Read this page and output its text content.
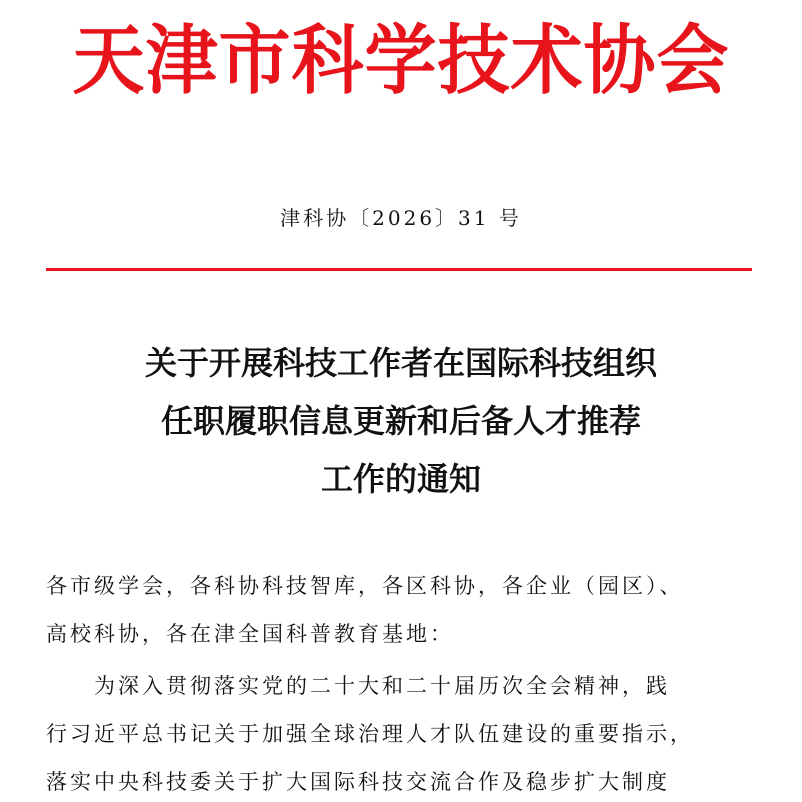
天津市科学技术协会
津科协〔2026〕31 号
关于开展科技工作者在国际科技组织
任职履职信息更新和后备人才推荐
工作的通知
各市级学会，各科协科技智库，各区科协，各企业（园区）、
高校科协，各在津全国科普教育基地：
　　为深入贯彻落实党的二十大和二十届历次全会精神，践
行习近平总书记关于加强全球治理人才队伍建设的重要指示，
落实中央科技委关于扩大国际科技交流合作及稳步扩大制度
